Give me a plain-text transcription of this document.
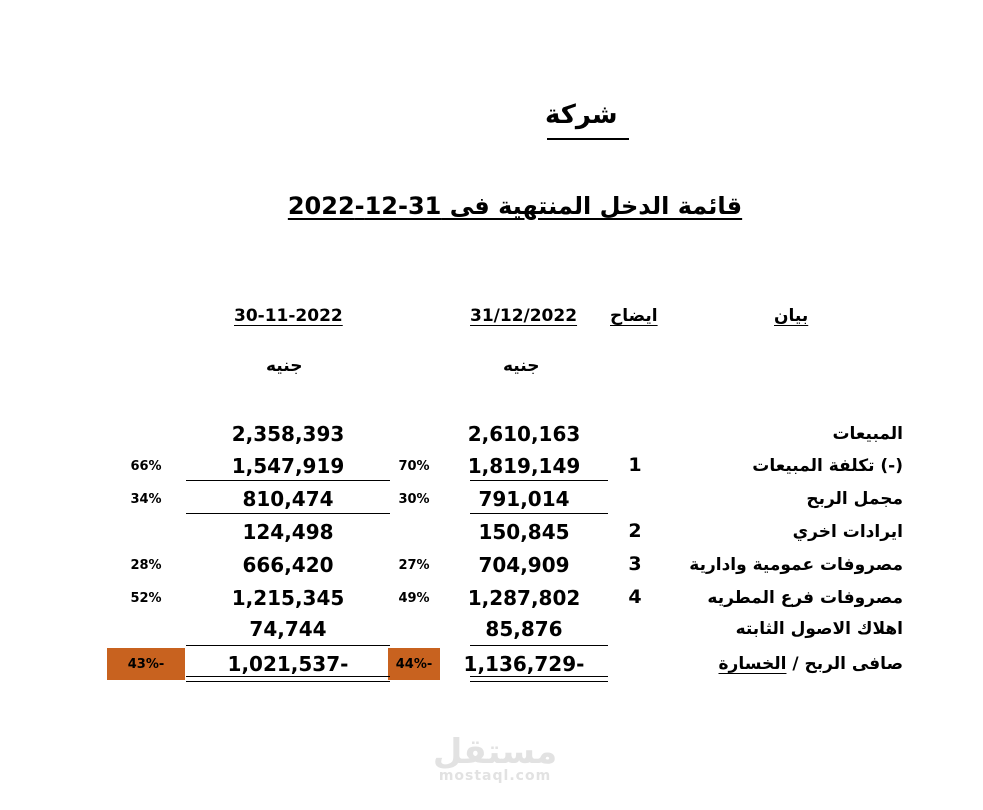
شركة
قائمة الدخل المنتهية فى 31-12-2022
بيان
ايضاح
31/12/2022
30-11-2022
جنيه
جنيه
المبيعات
2,610,163
2,358,393
(-) تكلفة المبيعات
1
1,819,149
70%
1,547,919
66%
مجمل الربح
791,014
30%
810,474
34%
ايرادات اخري
2
150,845
124,498
مصروفات عمومية وادارية
3
704,909
27%
666,420
28%
مصروفات فرع المطريه
4
1,287,802
49%
1,215,345
52%
اهلاك الاصول الثابته
85,876
74,744
صافى الربح / الخسارة
1,136,729-
44%-
1,021,537-
43%-
مستقل
mostaql.com
